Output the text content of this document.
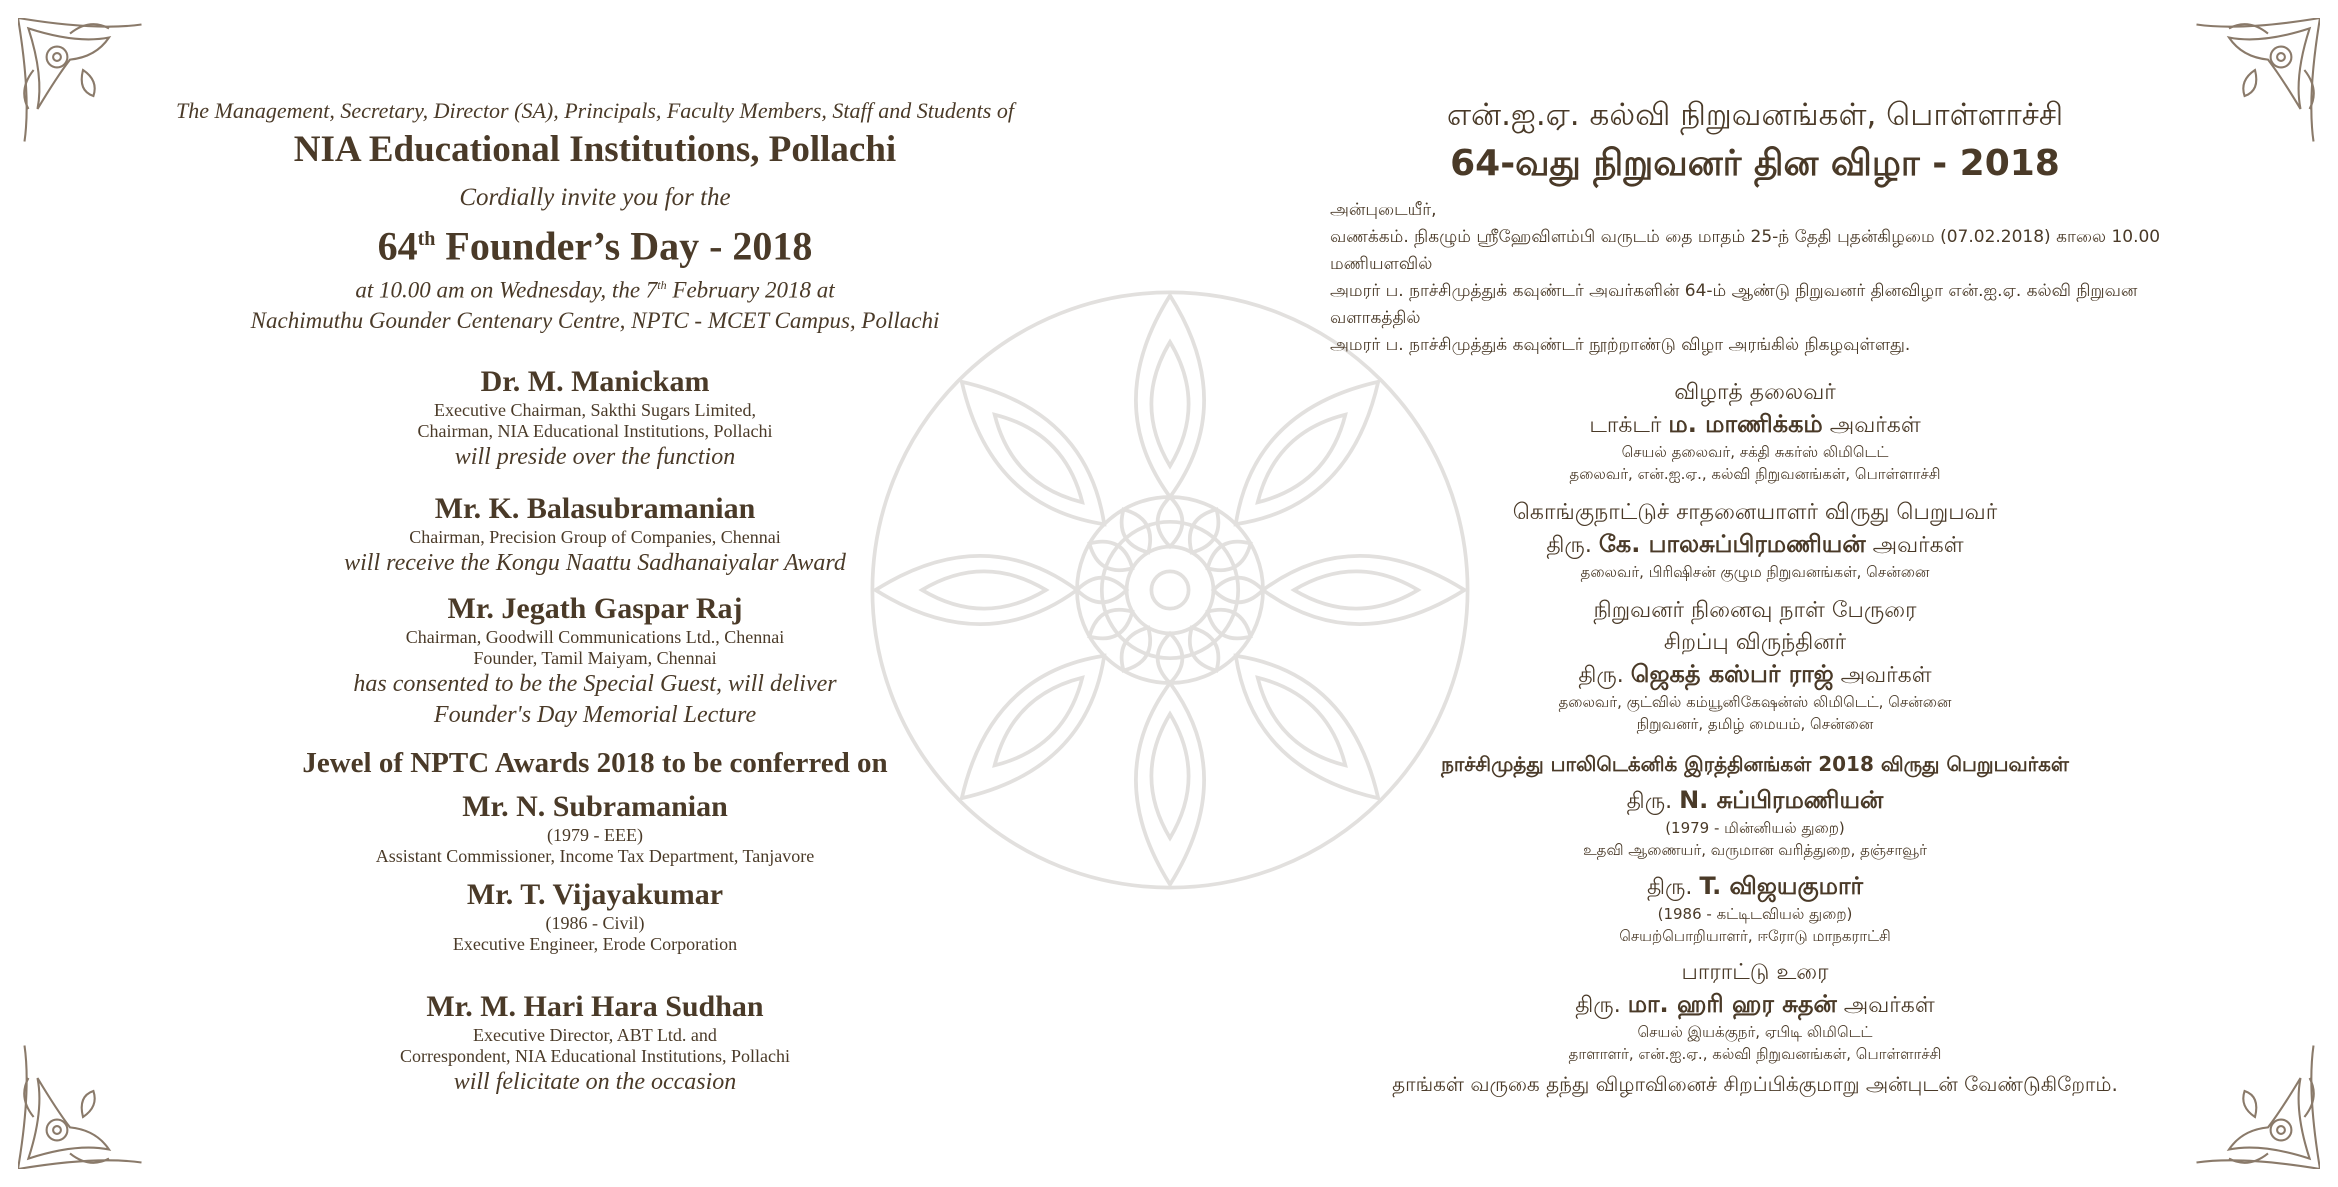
The Management, Secretary, Director (SA), Principals, Faculty Members, Staff and Students of

NIA Educational Institutions, Pollachi

Cordially invite you for the

64th Founder’s Day - 2018

at 10.00 am on Wednesday, the 7th February 2018 at

Nachimuthu Gounder Centenary Centre, NPTC - MCET Campus, Pollachi

Dr. M. Manickam

Executive Chairman, Sakthi Sugars Limited,

Chairman, NIA Educational Institutions, Pollachi

will preside over the function

Mr. K. Balasubramanian

Chairman, Precision Group of Companies, Chennai

will receive the Kongu Naattu Sadhanaiyalar Award

Mr. Jegath Gaspar Raj

Chairman, Goodwill Communications Ltd., Chennai

Founder, Tamil Maiyam, Chennai

has consented to be the Special Guest, will deliver

Founder's Day Memorial Lecture

Jewel of NPTC Awards 2018 to be conferred on

Mr. N. Subramanian

(1979 - EEE)

Assistant Commissioner, Income Tax Department, Tanjavore

Mr. T. Vijayakumar

(1986 - Civil)

Executive Engineer, Erode Corporation

Mr. M. Hari Hara Sudhan

Executive Director, ABT Ltd. and

Correspondent, NIA Educational Institutions, Pollachi

will felicitate on the occasion

என்.ஐ.ஏ. கல்வி நிறுவனங்கள், பொள்ளாச்சி

64-வது நிறுவனர் தின விழா - 2018

அன்புடையீர்,

வணக்கம். நிகழும் ஸ்ரீஹேவிளம்பி வருடம் தை மாதம் 25-ந் தேதி புதன்கிழமை (07.02.2018) காலை 10.00 மணியளவில்

அமரர் ப. நாச்சிமுத்துக் கவுண்டர் அவர்களின் 64-ம் ஆண்டு நிறுவனர் தினவிழா என்.ஐ.ஏ. கல்வி நிறுவன வளாகத்தில்

அமரர் ப. நாச்சிமுத்துக் கவுண்டர் நூற்றாண்டு விழா அரங்கில் நிகழவுள்ளது.

விழாத் தலைவர்

டாக்டர் ம. மாணிக்கம் அவர்கள்

செயல் தலைவர், சக்தி சுகர்ஸ் லிமிடெட்

தலைவர், என்.ஐ.ஏ., கல்வி நிறுவனங்கள், பொள்ளாச்சி

கொங்குநாட்டுச் சாதனையாளர் விருது பெறுபவர்

திரு. கே. பாலசுப்பிரமணியன் அவர்கள்

தலைவர், பிரிஷிசன் குழும நிறுவனங்கள், சென்னை

நிறுவனர் நினைவு நாள் பேருரை

சிறப்பு விருந்தினர்

திரு. ஜெகத் கஸ்பர் ராஜ் அவர்கள்

தலைவர், குட்வில் கம்யூனிகேஷன்ஸ் லிமிடெட், சென்னை

நிறுவனர், தமிழ் மையம், சென்னை

நாச்சிமுத்து பாலிடெக்னிக் இரத்தினங்கள் 2018 விருது பெறுபவர்கள்

திரு. N. சுப்பிரமணியன்

(1979 - மின்னியல் துறை)

உதவி ஆணையர், வருமான வரித்துறை, தஞ்சாவூர்

திரு. T. விஜயகுமார்

(1986 - கட்டிடவியல் துறை)

செயற்பொறியாளர், ஈரோடு மாநகராட்சி

பாராட்டு உரை

திரு. மா. ஹரி ஹர சுதன் அவர்கள்

செயல் இயக்குநர், ஏபிடி லிமிடெட்

தாளாளர், என்.ஐ.ஏ., கல்வி நிறுவனங்கள், பொள்ளாச்சி

தாங்கள் வருகை தந்து விழாவினைச் சிறப்பிக்குமாறு அன்புடன் வேண்டுகிறோம்.
